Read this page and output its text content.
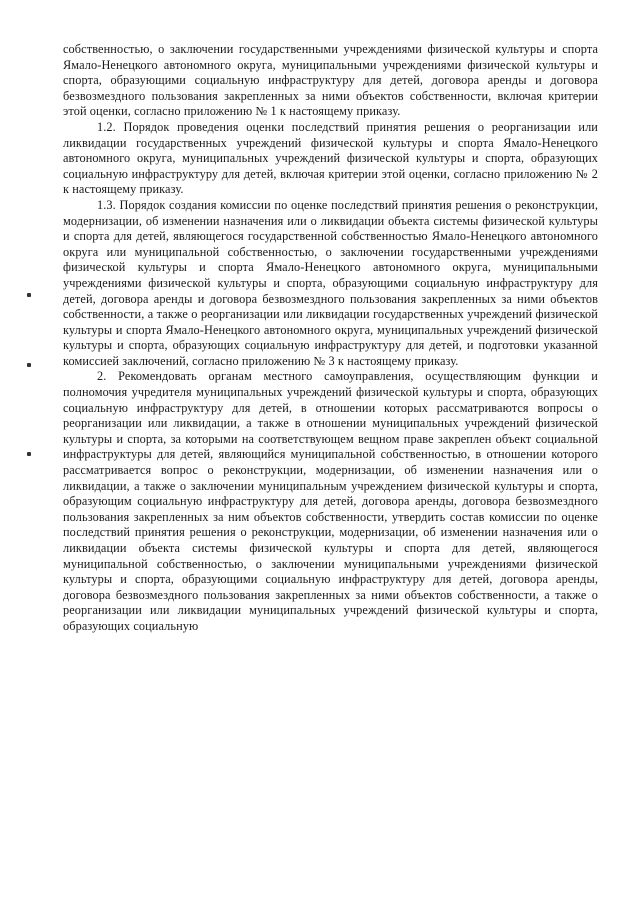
собственностью, о заключении государственными учреждениями физической культуры и спорта Ямало-Ненецкого автономного округа, муниципальными учреждениями физической культуры и спорта, образующими социальную инфраструктуру для детей, договора аренды и договора безвозмездного пользования закрепленных за ними объектов собственности, включая критерии этой оценки, согласно приложению № 1 к настоящему приказу.

1.2. Порядок проведения оценки последствий принятия решения о реорганизации или ликвидации государственных учреждений физической культуры и спорта Ямало-Ненецкого автономного округа, муниципальных учреждений физической культуры и спорта, образующих социальную инфраструктуру для детей, включая критерии этой оценки, согласно приложению № 2 к настоящему приказу.

1.3. Порядок создания комиссии по оценке последствий принятия решения о реконструкции, модернизации, об изменении назначения или о ликвидации объекта системы физической культуры и спорта для детей, являющегося государственной собственностью Ямало-Ненецкого автономного округа или муниципальной собственностью, о заключении государственными учреждениями физической культуры и спорта Ямало-Ненецкого автономного округа, муниципальными учреждениями физической культуры и спорта, образующими социальную инфраструктуру для детей, договора аренды и договора безвозмездного пользования закрепленных за ними объектов собственности, а также о реорганизации или ликвидации государственных учреждений физической культуры и спорта Ямало-Ненецкого автономного округа, муниципальных учреждений физической культуры и спорта, образующих социальную инфраструктуру для детей, и подготовки указанной комиссией заключений, согласно приложению № 3 к настоящему приказу.

2. Рекомендовать органам местного самоуправления, осуществляющим функции и полномочия учредителя муниципальных учреждений физической культуры и спорта, образующих социальную инфраструктуру для детей, в отношении которых рассматриваются вопросы о реорганизации или ликвидации, а также в отношении муниципальных учреждений физической культуры и спорта, за которыми на соответствующем вещном праве закреплен объект социальной инфраструктуры для детей, являющийся муниципальной собственностью, в отношении которого рассматривается вопрос о реконструкции, модернизации, об изменении назначения или о ликвидации, а также о заключении муниципальным учреждением физической культуры и спорта, образующим социальную инфраструктуру для детей, договора аренды, договора безвозмездного пользования закрепленных за ним объектов собственности, утвердить состав комиссии по оценке последствий принятия решения о реконструкции, модернизации, об изменении назначения или о ликвидации объекта системы физической культуры и спорта для детей, являющегося муниципальной собственностью, о заключении муниципальными учреждениями физической культуры и спорта, образующими социальную инфраструктуру для детей, договора аренды, договора безвозмездного пользования закрепленных за ними объектов собственности, а также о реорганизации или ликвидации муниципальных учреждений физической культуры и спорта, образующих социальную
